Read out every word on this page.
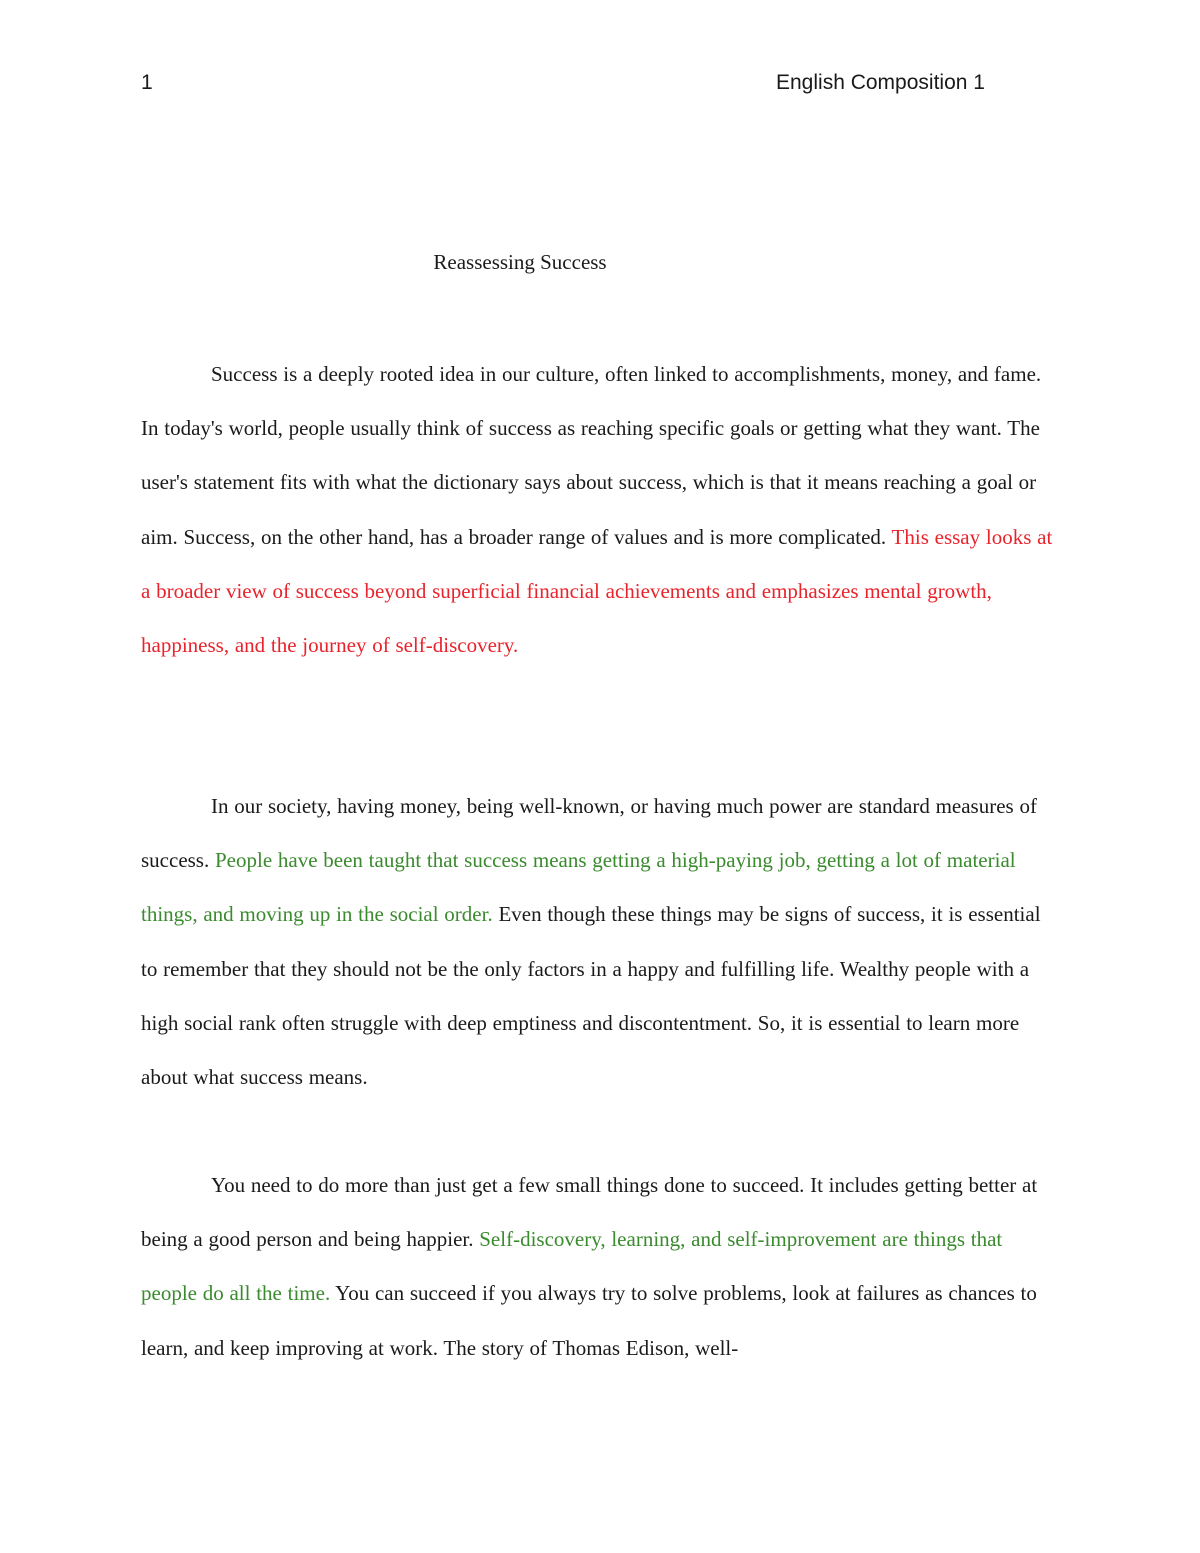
1	English Composition 1
Reassessing Success

Success is a deeply rooted idea in our culture, often linked to accomplishments, money, and fame. In today's world, people usually think of success as reaching specific goals or getting what they want. The user's statement fits with what the dictionary says about success, which is that it means reaching a goal or aim. Success, on the other hand, has a broader range of values and is more complicated. This essay looks at a broader view of success beyond superficial financial achievements and emphasizes mental growth, happiness, and the journey of self-discovery.

In our society, having money, being well-known, or having much power are standard measures of success. People have been taught that success means getting a high-paying job, getting a lot of material things, and moving up in the social order. Even though these things may be signs of success, it is essential to remember that they should not be the only factors in a happy and fulfilling life. Wealthy people with a high social rank often struggle with deep emptiness and discontentment. So, it is essential to learn more about what success means.

You need to do more than just get a few small things done to succeed. It includes getting better at being a good person and being happier. Self-discovery, learning, and self-improvement are things that people do all the time. You can succeed if you always try to solve problems, look at failures as chances to learn, and keep improving at work. The story of Thomas Edison, well-
